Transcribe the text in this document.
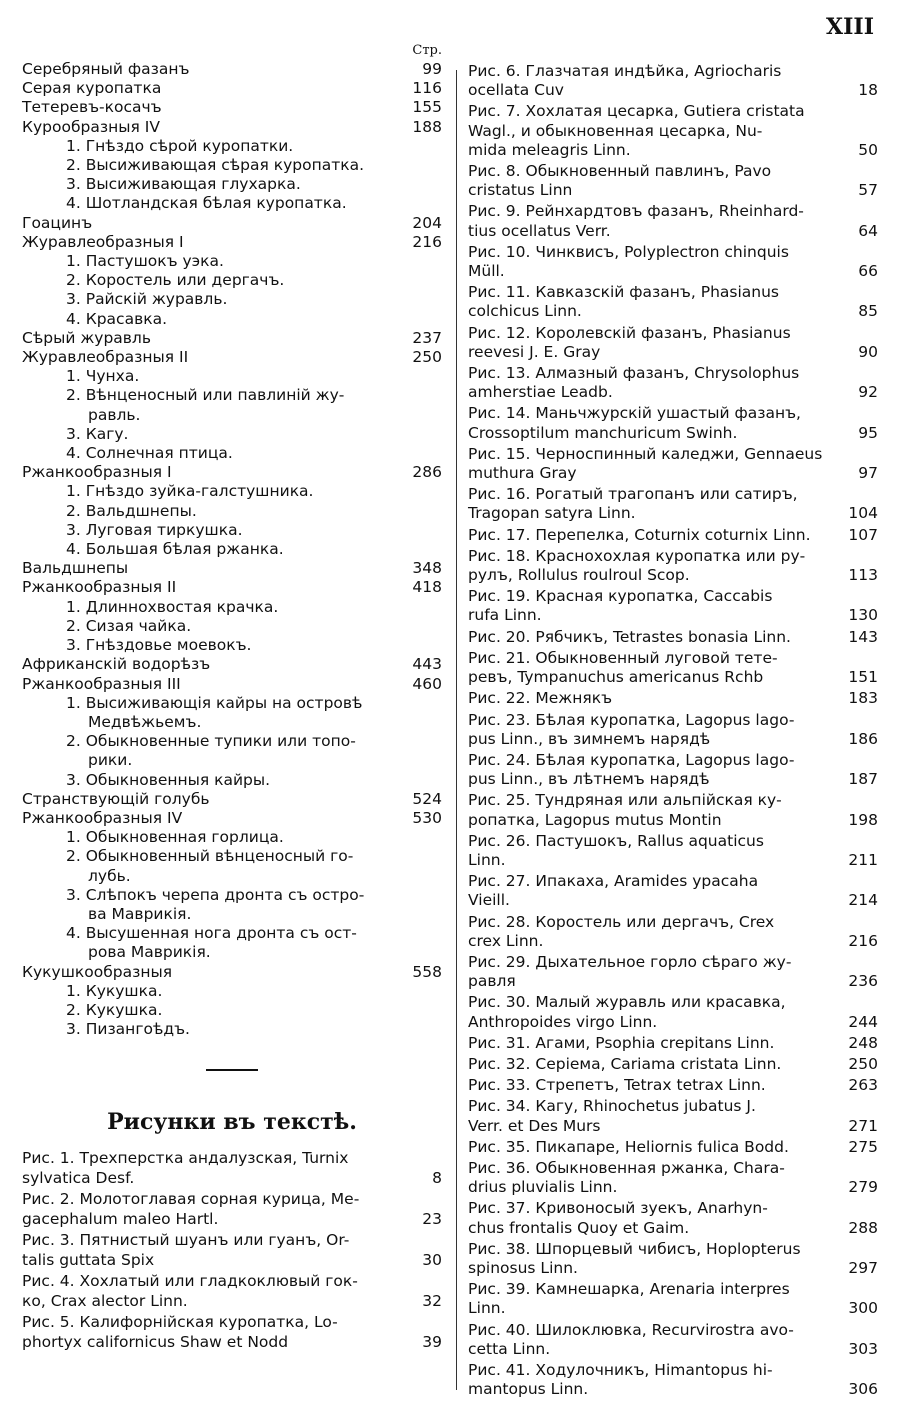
XIII
Стр.
Серебряный фазанъ	99
Серая куропатка	116
Тетеревъ-косачъ	155
Курообразныя IV	188
1. Гнѣздо сѣрой куропатки.
2. Высиживающая сѣрая куропатка.
3. Высиживающая глухарка.
4. Шотландская бѣлая куропатка.
Гоацинъ	204
Журавлеобразныя I	216
1. Пастушокъ уэка.
2. Коростель или дергачъ.
3. Райскій журавль.
4. Красавка.
Сѣрый журавль	237
Журавлеобразныя II	250
1. Чунха.
2. Вѣнценосный или павлиній жу-
равль.
3. Кагу.
4. Солнечная птица.
Ржанкообразныя I	286
1. Гнѣздо зуйка-галстушника.
2. Вальдшнепы.
3. Луговая тиркушка.
4. Большая бѣлая ржанка.
Вальдшнепы	348
Ржанкообразныя II	418
1. Длиннохвостая крачка.
2. Сизая чайка.
3. Гнѣздовье моевокъ.
Африканскій водорѣзъ	443
Ржанкообразныя III	460
1. Высиживающія кайры на островѣ
Медвѣжьемъ.
2. Обыкновенные тупики или топо-
рики.
3. Обыкновенныя кайры.
Странствующій голубь	524
Ржанкообразныя IV	530
1. Обыкновенная горлица.
2. Обыкновенный вѣнценосный го-
лубь.
3. Слѣпокъ черепа дронта съ остро-
ва Маврикія.
4. Высушенная нога дронта съ ост-
рова Маврикія.
Кукушкообразныя	558
1. Кукушка.
2. Кукушка.
3. Пизангоѣдъ.
Рисунки въ текстѣ.
Рис. 1. Трехперстка андалузская, Turnix
sylvatica Desf.	8
Рис. 2. Молотоглавая сорная курица, Me-
gacephalum maleo Hartl.	23
Рис. 3. Пятнистый шуанъ или гуанъ, Or-
talis guttata Spix	30
Рис. 4. Хохлатый или гладкоклювый гок-
ко, Crax alector Linn.	32
Рис. 5. Калифорнійская куропатка, Lo-
phortyx californicus Shaw et Nodd	39
Рис. 6. Глазчатая индѣйка, Agriocharis
ocellata Cuv	18
Рис. 7. Хохлатая цесарка, Gutiera cristata
Wagl., и обыкновенная цесарка, Nu-
mida meleagris Linn.	50
Рис. 8. Обыкновенный павлинъ, Pavo
cristatus Linn	57
Рис. 9. Рейнхардтовъ фазанъ, Rheinhard-
tius ocellatus Verr.	64
Рис. 10. Чинквисъ, Polyplectron chinquis
Müll.	66
Рис. 11. Кавказскій фазанъ, Phasianus
colchicus Linn.	85
Рис. 12. Королевскій фазанъ, Phasianus
reevesi J. E. Gray	90
Рис. 13. Алмазный фазанъ, Chrysolophus
amherstiae Leadb.	92
Рис. 14. Маньчжурскій ушастый фазанъ,
Crossoptilum manchuricum Swinh.	95
Рис. 15. Черноспинный каледжи, Gennaeus
muthura Gray	97
Рис. 16. Рогатый трагопанъ или сатиръ,
Tragopan satyra Linn.	104
Рис. 17. Перепелка, Coturnix coturnix Linn.	107
Рис. 18. Краснохохлая куропатка или ру-
рулъ, Rollulus roulroul Scop.	113
Рис. 19. Красная куропатка, Caccabis
rufa Linn.	130
Рис. 20. Рябчикъ, Tetrastes bonasia Linn.	143
Рис. 21. Обыкновенный луговой тете-
ревъ, Tympanuchus americanus Rchb	151
Рис. 22. Межнякъ	183
Рис. 23. Бѣлая куропатка, Lagopus lago-
pus Linn., въ зимнемъ нарядѣ	186
Рис. 24. Бѣлая куропатка, Lagopus lago-
pus Linn., въ лѣтнемъ нарядѣ	187
Рис. 25. Тундряная или альпійская ку-
ропатка, Lagopus mutus Montin	198
Рис. 26. Пастушокъ, Rallus aquaticus
Linn.	211
Рис. 27. Ипакаха, Aramides ypacaha
Vieill.	214
Рис. 28. Коростель или дергачъ, Crex
crex Linn.	216
Рис. 29. Дыхательное горло сѣраго жу-
равля	236
Рис. 30. Малый журавль или красавка,
Anthropoides virgo Linn.	244
Рис. 31. Агами, Psophia crepitans Linn.	248
Рис. 32. Серіема, Cariama cristata Linn.	250
Рис. 33. Стрепетъ, Tetrax tetrax Linn.	263
Рис. 34. Кагу, Rhinochetus jubatus J.
Verr. et Des Murs	271
Рис. 35. Пикапаре, Heliornis fulica Bodd.	275
Рис. 36. Обыкновенная ржанка, Chara-
drius pluvialis Linn.	279
Рис. 37. Кривоносый зуекъ, Anarhyn-
chus frontalis Quoy et Gaim.	288
Рис. 38. Шпорцевый чибисъ, Hoplopterus
spinosus Linn.	297
Рис. 39. Камнешарка, Arenaria interpres
Linn.	300
Рис. 40. Шилоклювка, Recurvirostra avo-
cetta Linn.	303
Рис. 41. Ходулочникъ, Himantopus hi-
mantopus Linn.	306
